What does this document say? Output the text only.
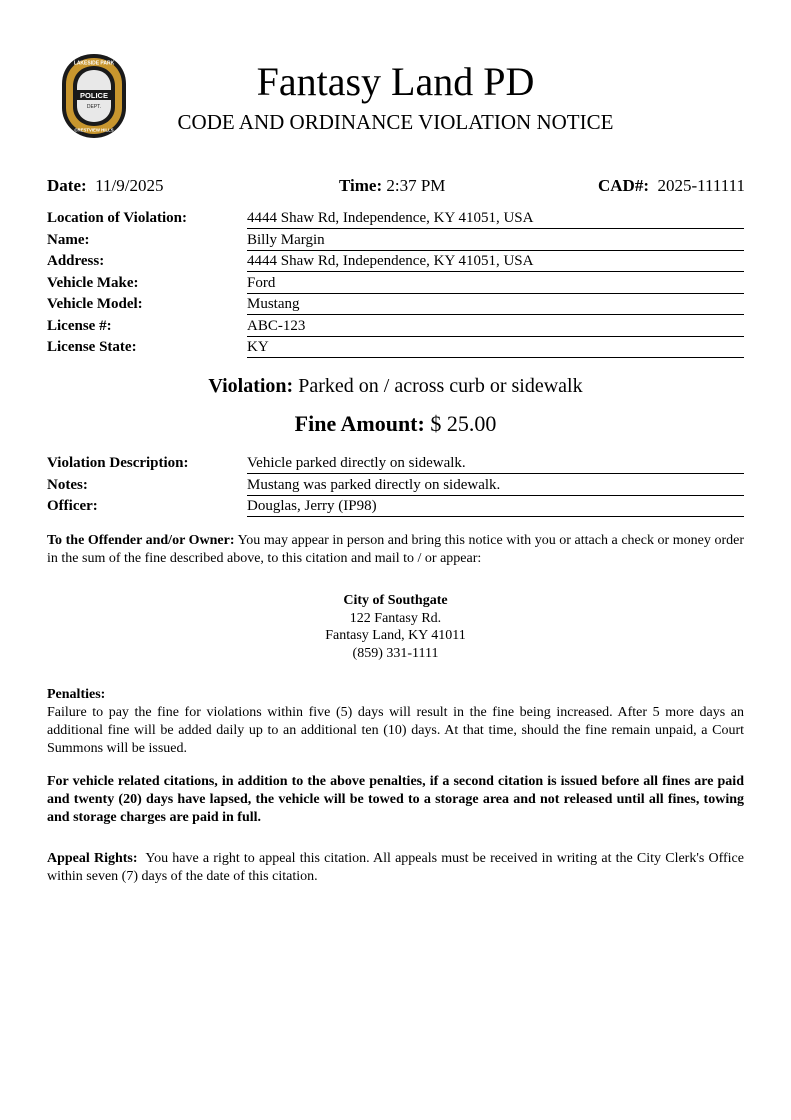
POLICE
DEPT.
LAKESIDE PARK
CRESTVIEW HILLS
Fantasy Land PD
CODE AND ORDINANCE VIOLATION NOTICE
Date: 11/9/2025	Time: 2:37 PM	CAD#: 2025-111111
Location of Violation:	4444 Shaw Rd, Independence, KY 41051, USA
Name:	Billy Margin
Address:	4444 Shaw Rd, Independence, KY 41051, USA
Vehicle Make:	Ford
Vehicle Model:	Mustang
License #:	ABC-123
License State:	KY
Violation: Parked on / across curb or sidewalk
Fine Amount: $ 25.00
Violation Description:	Vehicle parked directly on sidewalk.
Notes:	Mustang was parked directly on sidewalk.
Officer:	Douglas, Jerry (IP98)
To the Offender and/or Owner: You may appear in person and bring this notice with you or attach a check or money order in the sum of the fine described above, to this citation and mail to / or appear:
City of Southgate
122 Fantasy Rd.
Fantasy Land, KY 41011
(859) 331-1111
Penalties:
Failure to pay the fine for violations within five (5) days will result in the fine being increased. After 5 more days an additional fine will be added daily up to an additional ten (10) days. At that time, should the fine remain unpaid, a Court Summons will be issued.
For vehicle related citations, in addition to the above penalties, if a second citation is issued before all fines are paid and twenty (20) days have lapsed, the vehicle will be towed to a storage area and not released until all fines, towing and storage charges are paid in full.
Appeal Rights: You have a right to appeal this citation. All appeals must be received in writing at the City Clerk's Office within seven (7) days of the date of this citation.
